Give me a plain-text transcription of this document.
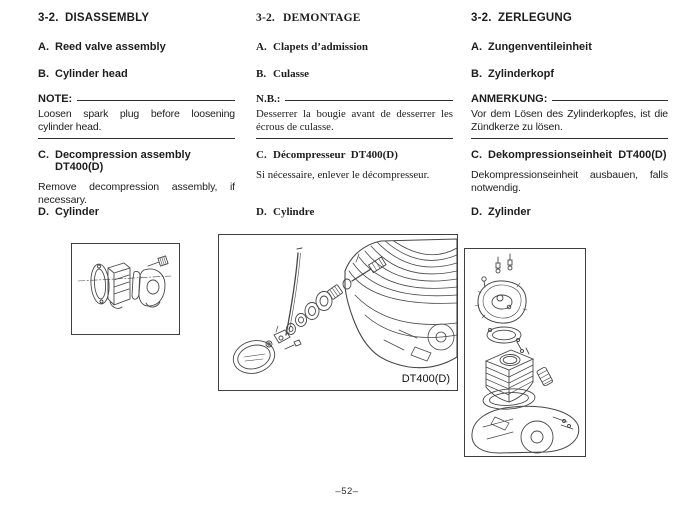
3-2. DISASSEMBLY
A. Reed valve assembly
B. Cylinder head
NOTE:

Loosen spark plug before loosening cylinder head.

C. Decompression assembly  DT400(D)

Remove decompression assembly, if necessary.

D. Cylinder
3-2. DEMONTAGE
A. Clapets d’admission
B. Culasse
N.B.:

Desserrer la bougie avant de desserrer les écrous de culasse.

C. Décompresseur  DT400(D)

Si nécessaire, enlever le décompresseur.

D. Cylindre
3-2. ZERLEGUNG
A. Zungenventileinheit
B. Zylinderkopf
ANMERKUNG:

Vor dem Lösen des Zylinderkopfes, ist die Zündkerze zu lösen.

C. Dekompressionseinheit  DT400(D)

Dekompressionseinheit ausbauen, falls notwendig.

D. Zylinder
DT400(D)
–52–
